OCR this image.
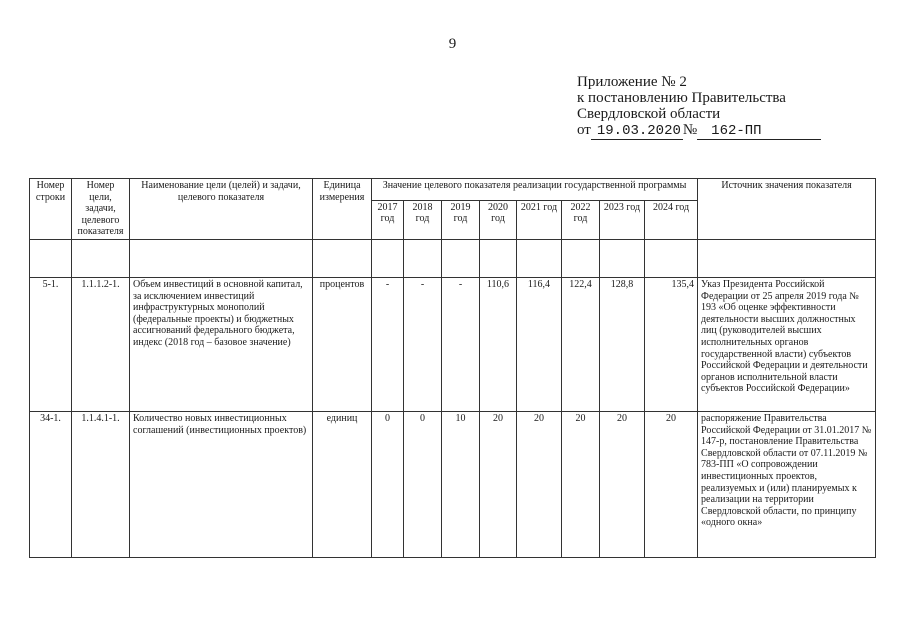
9
Приложение № 2
к постановлению Правительства
Свердловской области
от 19.03.2020 № 162-ПП
Номер строки	Номер цели, задачи, целевого показателя	Наименование цели (целей) и задачи, целевого показателя	Единица измерения	Значение целевого показателя реализации государственной программы								Источник значения показателя
				2017 год	2018 год	2019 год	2020 год	2021 год	2022 год	2023 год	2024 год	

5-1.	1.1.1.2-1.	Объем инвестиций в основной капитал, за исключением инвестиций инфраструктурных монополий (федеральные проекты) и бюджетных ассигнований федерального бюджета, индекс (2018 год – базовое значение)	процентов	-	-	-	110,6	116,4	122,4	128,8	135,4	Указ Президента Российской Федерации от 25 апреля 2019 года № 193 «Об оценке эффективности деятельности высших должностных лиц (руководителей высших исполнительных органов государственной власти) субъектов Российской Федерации и деятельности органов исполнительной власти субъектов Российской Федерации»
34-1.	1.1.4.1-1.	Количество новых инвестиционных соглашений (инвестиционных проектов)	единиц	0	0	10	20	20	20	20	20	распоряжение Правительства Российской Федерации от 31.01.2017 № 147-р, постановление Правительства Свердловской области от 07.11.2019 № 783-ПП «О сопровождении инвестиционных проектов, реализуемых и (или) планируемых к реализации на территории Свердловской области, по принципу «одного окна»
